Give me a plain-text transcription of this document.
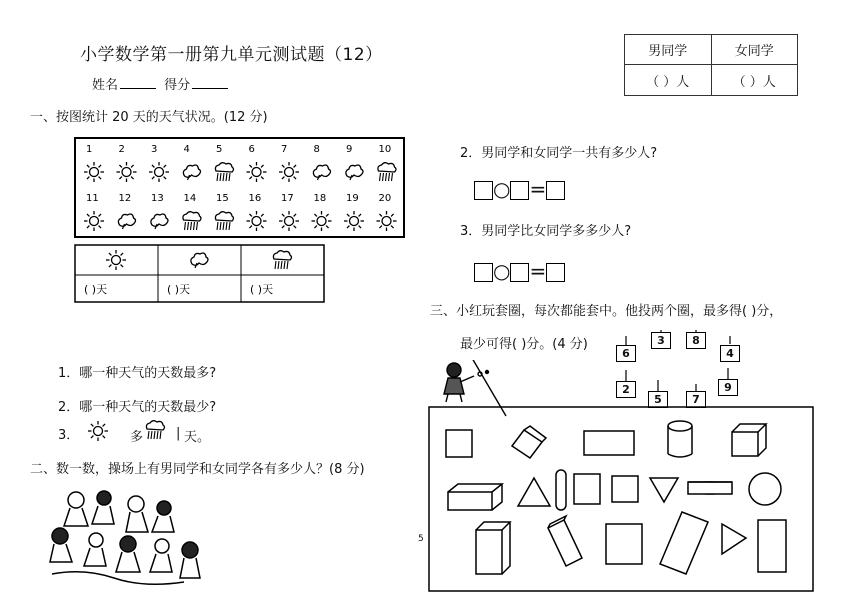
小学数学第一册第九单元测试题（12）
姓名	得分
男同学	女同学
（ ）人	（ ）人
一、按图统计 20 天的天气状况。(12 分)
1	2	3	4	5	6	7	8	9	10
11 12 13 14 15 16 17 18 19 20
( )天	( )天	( )天
1．哪一种天气的天数最多?
2．哪一种天气的天数最少?
3．	多	| 天。
二、数一数，操场上有男同学和女同学各有多少人？(8 分)
2．男同学和女同学一共有多少人?
○ =
3．男同学比女同学多多少人?
○ =
三、小红玩套圈，每次都能套中。他投两个圈，最多得( )分，
最少可得( )分。(4 分)
6
3	8
4
2
5	7
9
5
